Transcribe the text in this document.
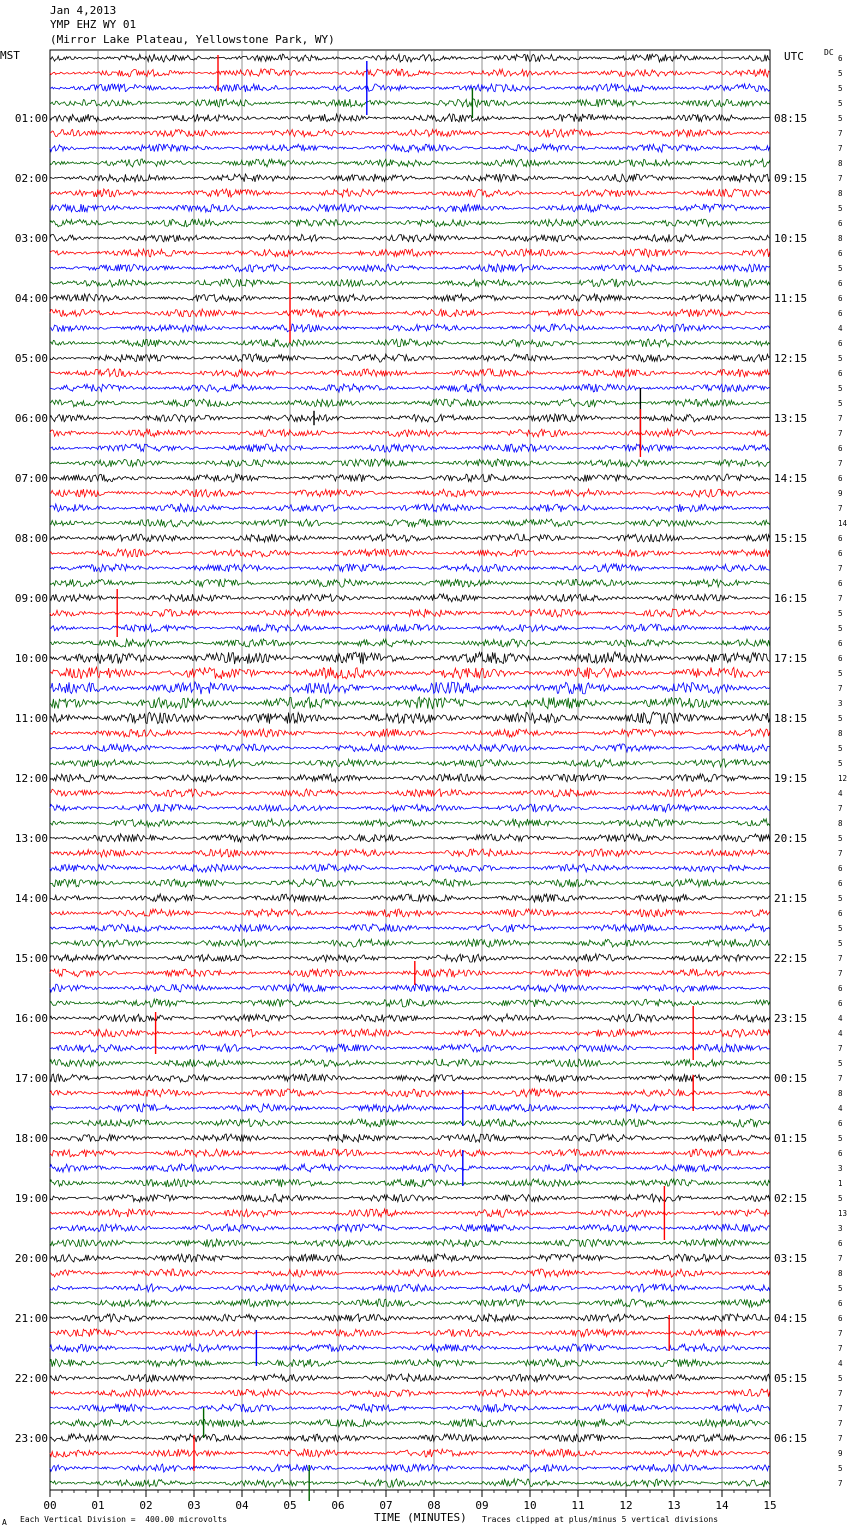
Jan 4,2013
YMP EHZ WY 01
(Mirror Lake Plateau, Yellowstone Park, WY)
MST	UTC	DC
01:00
02:00
03:00
04:00
05:00
06:00
07:00
08:00
09:00
10:00
11:00
12:00
13:00
14:00
15:00
16:00
17:00
18:00
19:00
20:00
21:00
22:00
23:00
08:15
09:15
10:15
11:15
12:15
13:15
14:15
15:15
16:15
17:15
18:15
19:15
20:15
21:15
22:15
23:15
00:15
01:15
02:15
03:15
04:15
05:15
06:15
6
5
5
5
5
7
7
8
7
8
5
6
8
6
5
6
6
6
4
6
5
6
5
5
7
7
6
7
6
9
7
14
6
6
7
6
7
5
5
6
6
5
7
3
5
8
5
5
12
4
7
8
5
7
6
6
5
6
5
5
7
7
6
6
4
4
7
5
7
8
4
6
5
6
3
1
5
13
3
6
7
8
5
6
6
7
7
4
5
7
7
7
7
9
5
7
00	01	02	03	04	05	06	07	08	09	10	11	12	13	14	15
A Each Vertical Division =  400.00 microvolts	TIME (MINUTES) Traces clipped at plus/minus 5 vertical divisions
